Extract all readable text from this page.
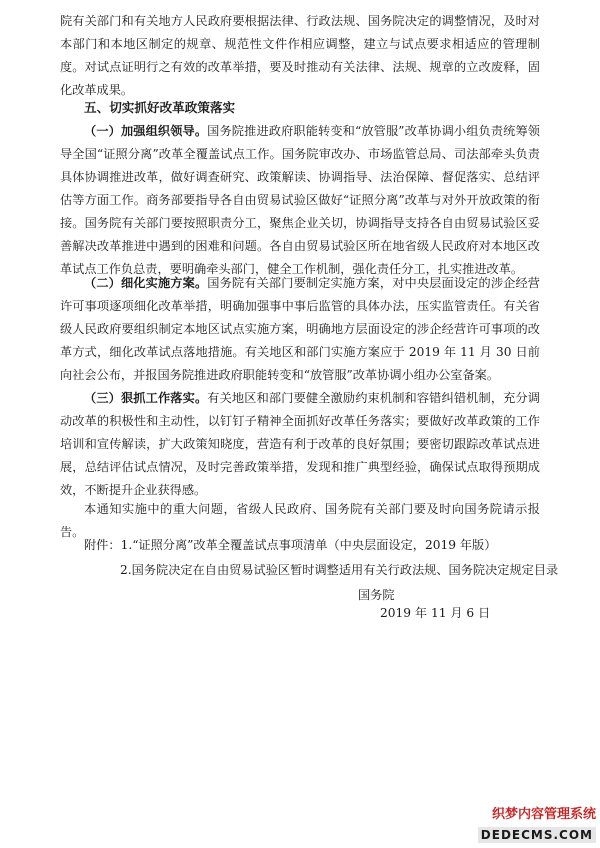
院有关部门和有关地方人民政府要根据法律、行政法规、国务院决定的调整情况，及时对本部门和本地区制定的规章、规范性文件作相应调整，建立与试点要求相适应的管理制度。对试点证明行之有效的改革举措，要及时推动有关法律、法规、规章的立改废释，固化改革成果。

五、切实抓好改革政策落实

（一）加强组织领导。国务院推进政府职能转变和“放管服”改革协调小组负责统筹领导全国“证照分离”改革全覆盖试点工作。国务院审改办、市场监管总局、司法部牵头负责具体协调推进改革，做好调查研究、政策解读、协调指导、法治保障、督促落实、总结评估等方面工作。商务部要指导各自由贸易试验区做好“证照分离”改革与对外开放政策的衔接。国务院有关部门要按照职责分工，聚焦企业关切，协调指导支持各自由贸易试验区妥善解决改革推进中遇到的困难和问题。各自由贸易试验区所在地省级人民政府对本地区改革试点工作负总责，要明确牵头部门，健全工作机制，强化责任分工，扎实推进改革。

（二）细化实施方案。国务院有关部门要制定实施方案，对中央层面设定的涉企经营许可事项逐项细化改革举措，明确加强事中事后监管的具体办法，压实监管责任。有关省级人民政府要组织制定本地区试点实施方案，明确地方层面设定的涉企经营许可事项的改革方式，细化改革试点落地措施。有关地区和部门实施方案应于 2019 年 11 月 30 日前向社会公布，并报国务院推进政府职能转变和“放管服”改革协调小组办公室备案。

（三）狠抓工作落实。有关地区和部门要健全激励约束机制和容错纠错机制，充分调动改革的积极性和主动性，以钉钉子精神全面抓好改革任务落实；要做好改革政策的工作培训和宣传解读，扩大政策知晓度，营造有利于改革的良好氛围；要密切跟踪改革试点进展，总结评估试点情况，及时完善政策举措，发现和推广典型经验，确保试点取得预期成效，不断提升企业获得感。

本通知实施中的重大问题，省级人民政府、国务院有关部门要及时向国务院请示报告。

附件：1.“证照分离”改革全覆盖试点事项清单（中央层面设定，2019 年版）

2.国务院决定在自由贸易试验区暂时调整适用有关行政法规、国务院决定规定目录

国务院

2019 年 11 月 6 日

织梦内容管理系统
DEDECMS.COM
